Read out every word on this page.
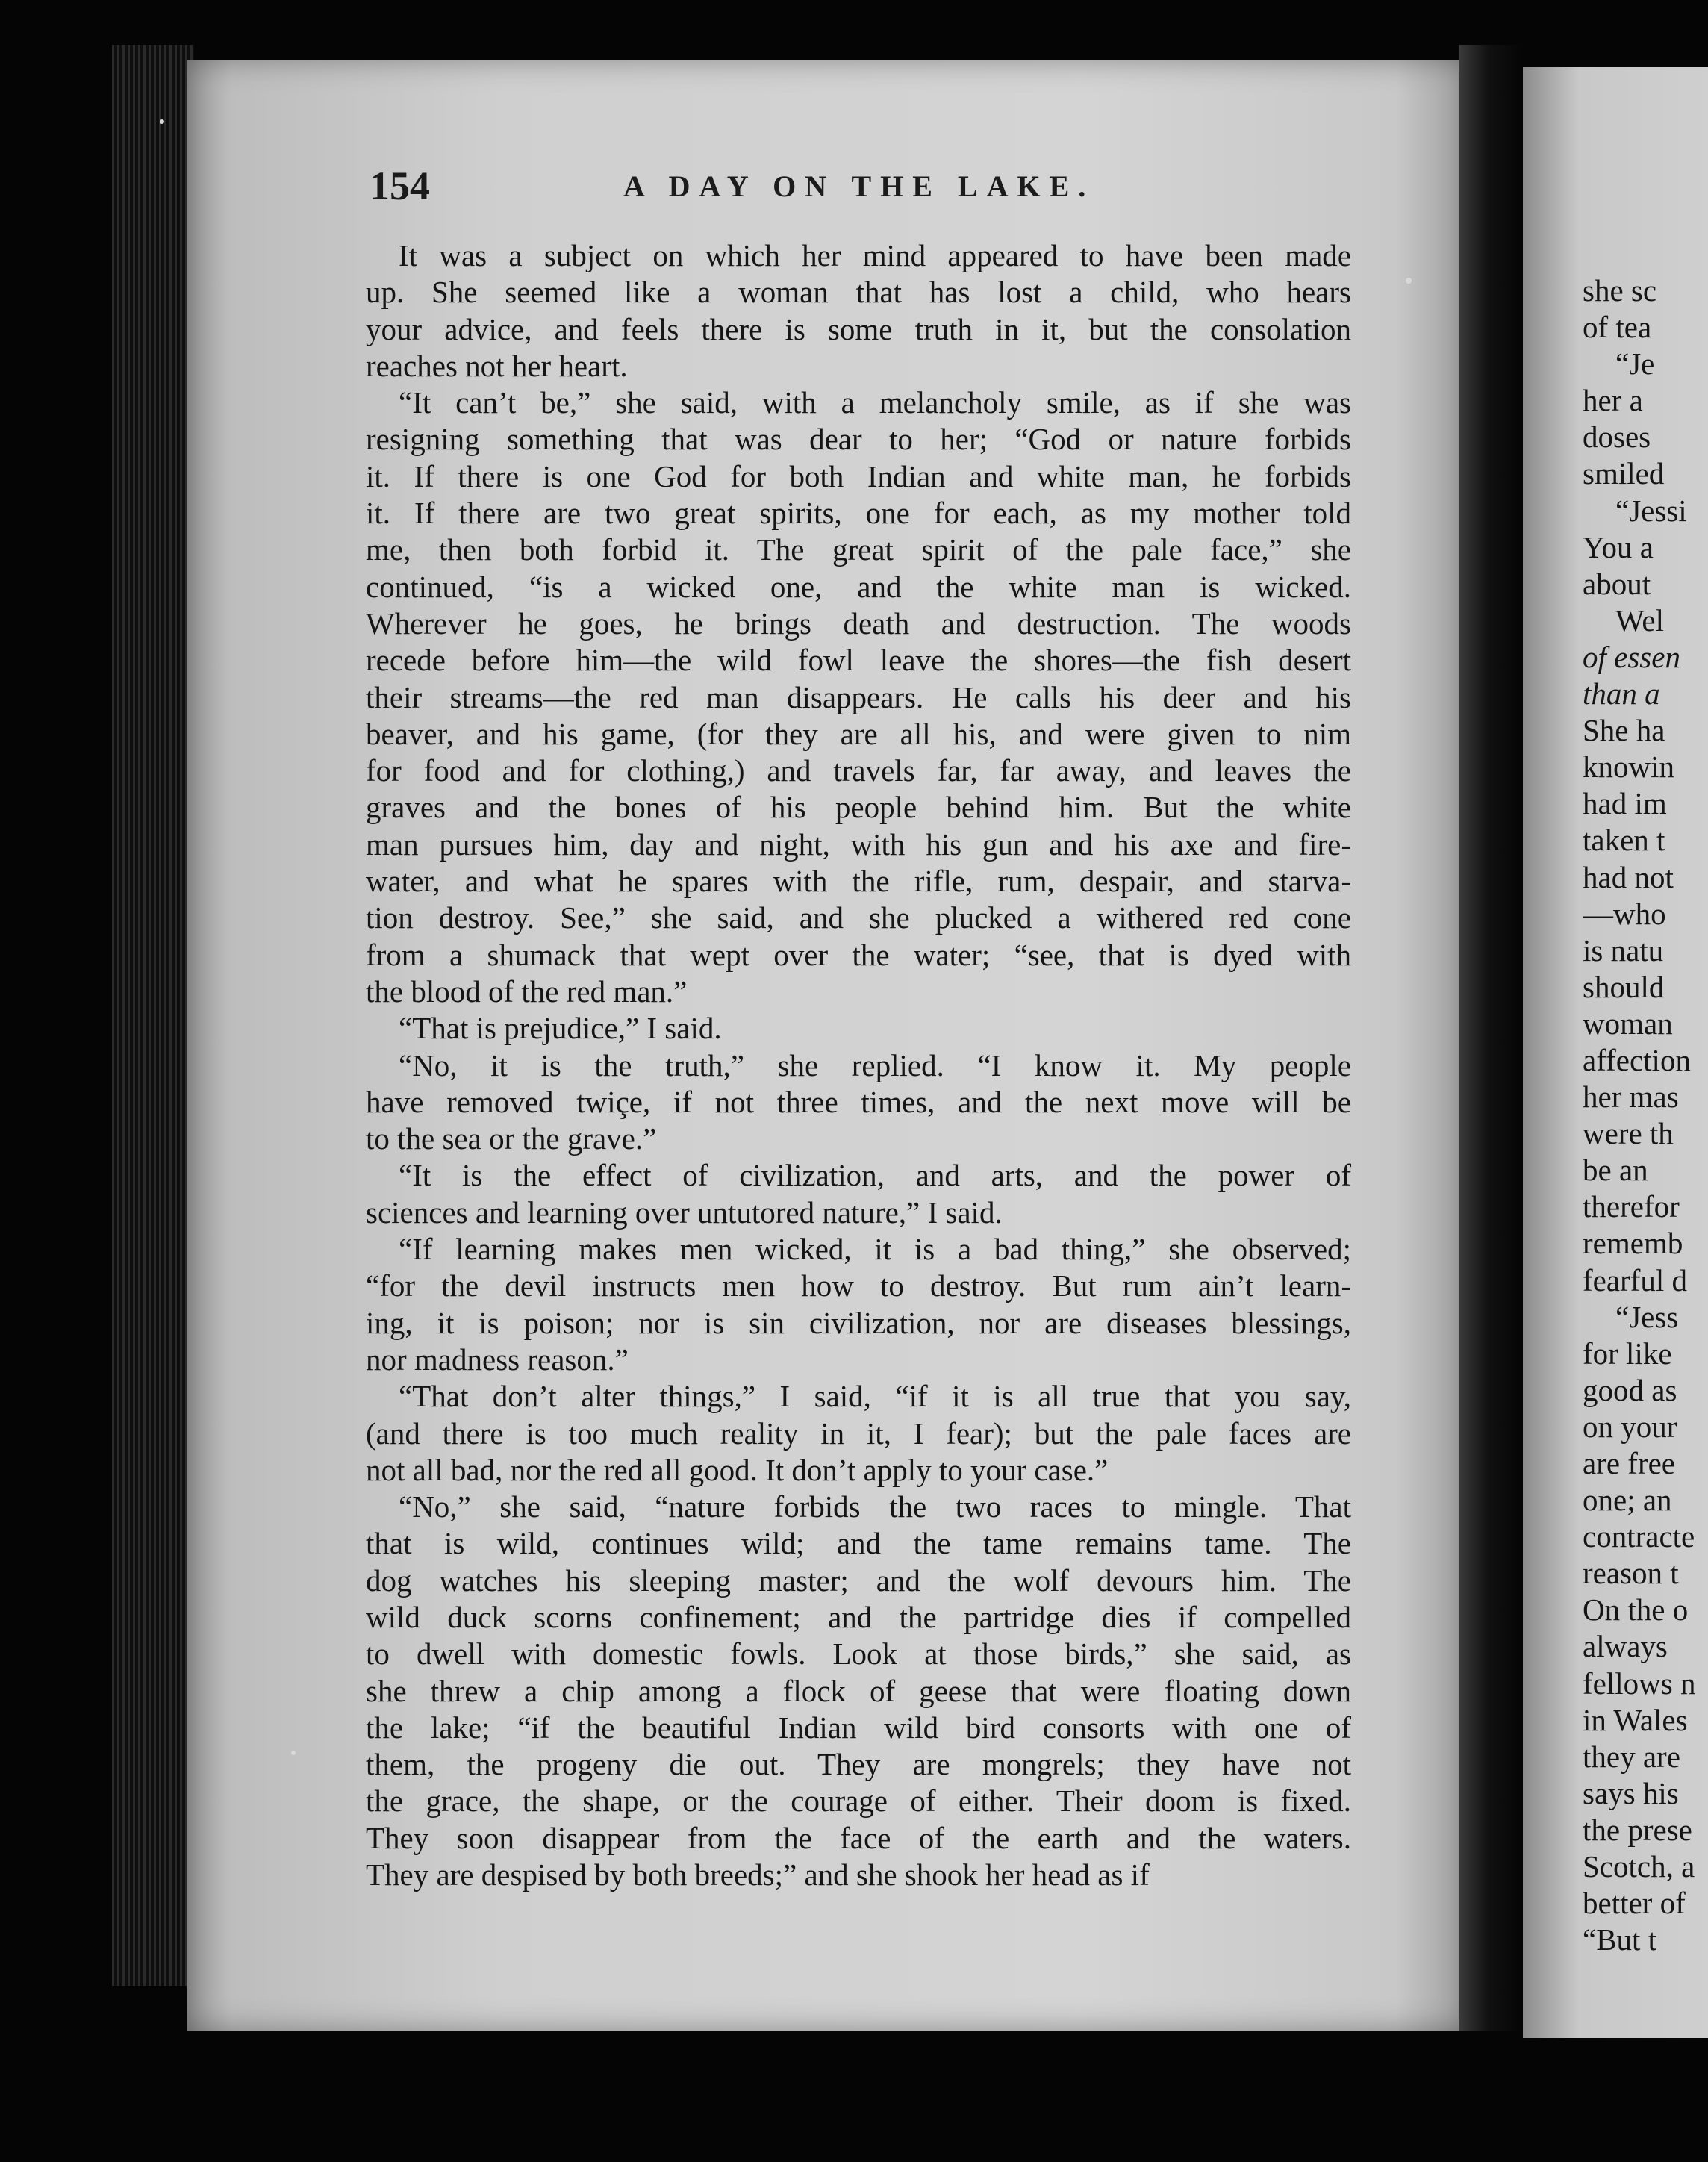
154	A DAY ON THE LAKE.
It was a subject on which her mind appeared to have been made
up. She seemed like a woman that has lost a child, who hears
your advice, and feels there is some truth in it, but the consolation
reaches not her heart.
“It can’t be,” she said, with a melancholy smile, as if she was
resigning something that was dear to her; “God or nature forbids
it. If there is one God for both Indian and white man, he forbids
it. If there are two great spirits, one for each, as my mother told
me, then both forbid it. The great spirit of the pale face,” she
continued, “is a wicked one, and the white man is wicked.
Wherever he goes, he brings death and destruction. The woods
recede before him—the wild fowl leave the shores—the fish desert
their streams—the red man disappears. He calls his deer and his
beaver, and his game, (for they are all his, and were given to nim
for food and for clothing,) and travels far, far away, and leaves the
graves and the bones of his people behind him. But the white
man pursues him, day and night, with his gun and his axe and fire-
water, and what he spares with the rifle, rum, despair, and starva-
tion destroy. See,” she said, and she plucked a withered red cone
from a shumack that wept over the water; “see, that is dyed with
the blood of the red man.”
“That is prejudice,” I said.
“No, it is the truth,” she replied. “I know it. My people
have removed twiçe, if not three times, and the next move will be
to the sea or the grave.”
“It is the effect of civilization, and arts, and the power of
sciences and learning over untutored nature,” I said.
“If learning makes men wicked, it is a bad thing,” she observed;
“for the devil instructs men how to destroy. But rum ain’t learn-
ing, it is poison; nor is sin civilization, nor are diseases blessings,
nor madness reason.”
“That don’t alter things,” I said, “if it is all true that you say,
(and there is too much reality in it, I fear); but the pale faces are
not all bad, nor the red all good. It don’t apply to your case.”
“No,” she said, “nature forbids the two races to mingle. That
that is wild, continues wild; and the tame remains tame. The
dog watches his sleeping master; and the wolf devours him. The
wild duck scorns confinement; and the partridge dies if compelled
to dwell with domestic fowls. Look at those birds,” she said, as
she threw a chip among a flock of geese that were floating down
the lake; “if the beautiful Indian wild bird consorts with one of
them, the progeny die out. They are mongrels; they have not
the grace, the shape, or the courage of either. Their doom is fixed.
They soon disappear from the face of the earth and the waters.
They are despised by both breeds;” and she shook her head as if
she sc
of tea
“Je
her a
doses
smiled
“Jessi
You a
about
Wel
of essen
than a
She ha
knowin
had im
taken t
had not
—who
is natu
should
woman
affection
her mas
were th
be an
therefor
rememb
fearful d
“Jess
for like
good as
on your
are free
one; an
contracte
reason t
On the o
always
fellows n
in Wales
they are
says his
the prese
Scotch, a
better of
“But t
